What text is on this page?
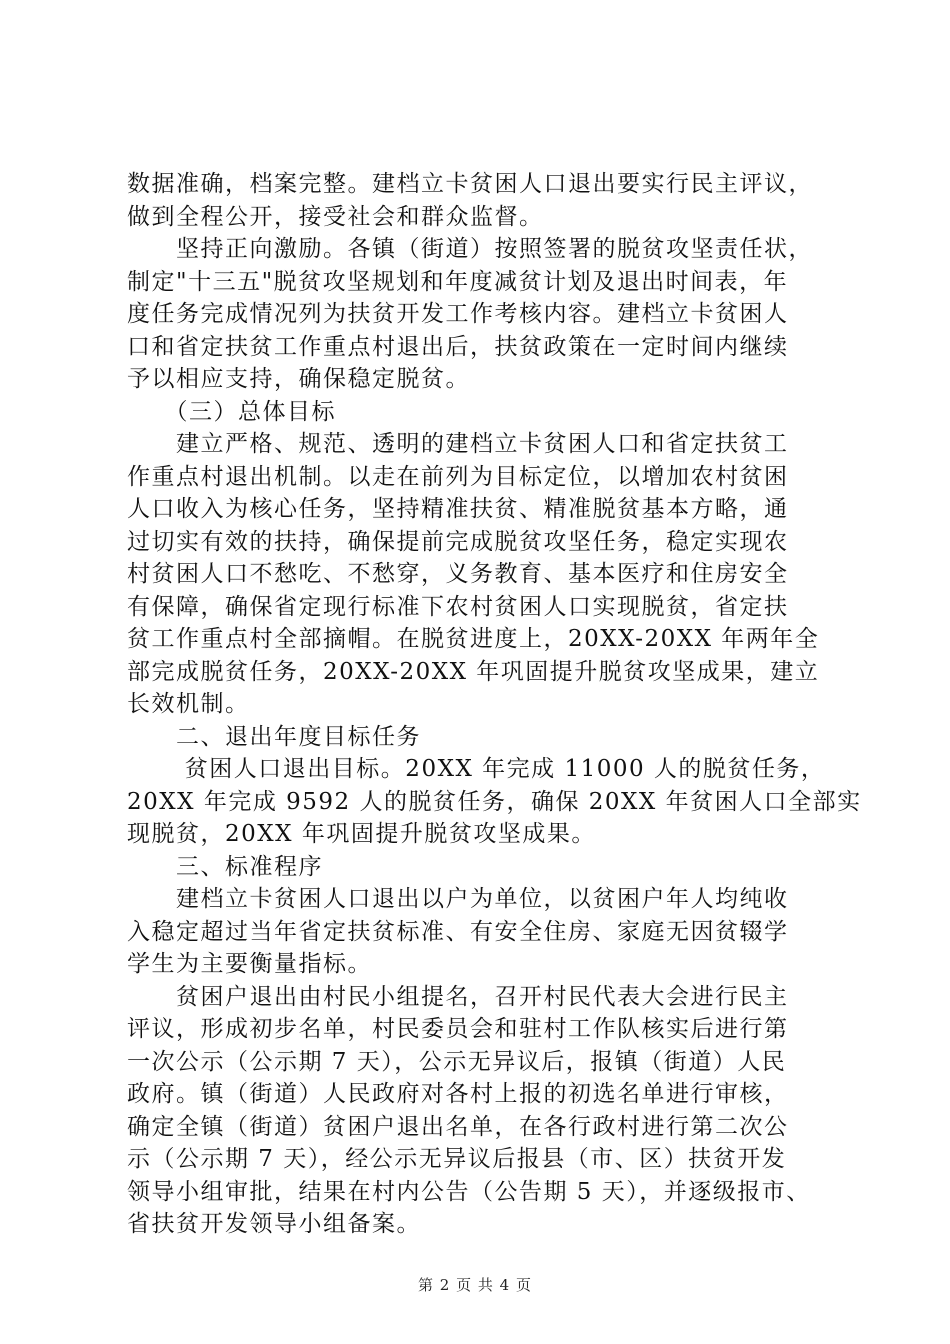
数据准确，档案完整。建档立卡贫困人口退出要实行民主评议，
做到全程公开，接受社会和群众监督。
　　坚持正向激励。各镇（街道）按照签署的脱贫攻坚责任状，
制定"十三五"脱贫攻坚规划和年度减贫计划及退出时间表，年
度任务完成情况列为扶贫开发工作考核内容。建档立卡贫困人
口和省定扶贫工作重点村退出后，扶贫政策在一定时间内继续
予以相应支持，确保稳定脱贫。
　　（三）总体目标
　　建立严格、规范、透明的建档立卡贫困人口和省定扶贫工
作重点村退出机制。以走在前列为目标定位，以增加农村贫困
人口收入为核心任务，坚持精准扶贫、精准脱贫基本方略，通
过切实有效的扶持，确保提前完成脱贫攻坚任务，稳定实现农
村贫困人口不愁吃、不愁穿，义务教育、基本医疗和住房安全
有保障，确保省定现行标准下农村贫困人口实现脱贫，省定扶
贫工作重点村全部摘帽。在脱贫进度上，20XX-20XX 年两年全
部完成脱贫任务，20XX-20XX 年巩固提升脱贫攻坚成果，建立
长效机制。
　　二、退出年度目标任务
　　 贫困人口退出目标。20XX 年完成 11000 人的脱贫任务，
20XX 年完成 9592 人的脱贫任务，确保 20XX 年贫困人口全部实
现脱贫，20XX 年巩固提升脱贫攻坚成果。
　　三、标准程序
　　建档立卡贫困人口退出以户为单位，以贫困户年人均纯收
入稳定超过当年省定扶贫标准、有安全住房、家庭无因贫辍学
学生为主要衡量指标。
　　贫困户退出由村民小组提名，召开村民代表大会进行民主
评议，形成初步名单，村民委员会和驻村工作队核实后进行第
一次公示（公示期 7 天），公示无异议后，报镇（街道）人民
政府。镇（街道）人民政府对各村上报的初选名单进行审核，
确定全镇（街道）贫困户退出名单，在各行政村进行第二次公
示（公示期 7 天），经公示无异议后报县（市、区）扶贫开发
领导小组审批，结果在村内公告（公告期 5 天），并逐级报市、
省扶贫开发领导小组备案。
第 2 页 共 4 页
